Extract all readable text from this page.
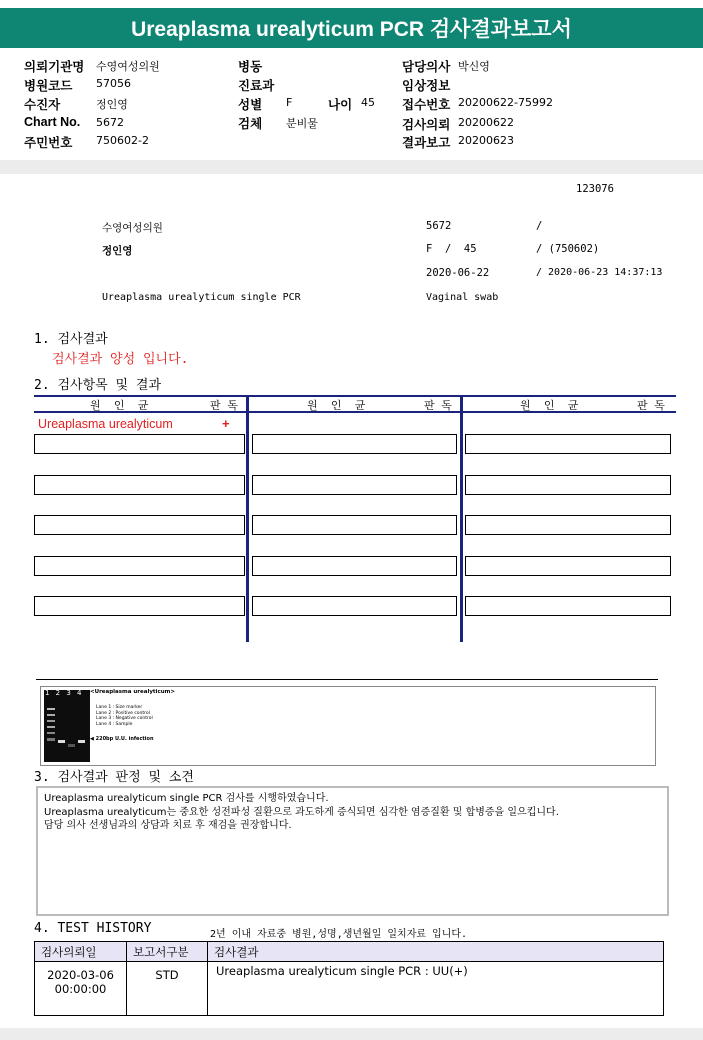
Ureaplasma urealyticum PCR 검사결과보고서
의뢰기관명 수영여성의원
병원코드 57056
수진자	정인영
Chart No. 5672
주민번호 750602-2
병동
진료과
성별 F	나이 45
검체 분비물
담당의사 박신영
임상정보
접수번호 20200622-75992
검사의뢰 20200622
결과보고 20200623
123076
수영여성의원	5672	/
정인영	F  /  45	/ (750602)
2020-06-22	/ 2020-06-23 14:37:13
Ureaplasma urealyticum single PCR	Vaginal swab
1. 검사결과
검사결과 양성 입니다.
2. 검사항목 및 결과
원  인  균	판 독	원  인  균	판 독	원  인  균	판 독
Ureaplasma urealyticum	+
1 2 3 4 <Ureaplasma urealyticum>
Lane 1 : Size marker
Lane 2 : Positive control
Lane 3 : Negative control
Lane 4 : Sample
◀ 220bp U.U. infection
3. 검사결과 판정 및 소견
Ureaplasma urealyticum single PCR 검사를 시행하였습니다.
Ureaplasma urealyticum는 중요한 성전파성 질환으로 과도하게 증식되면 심각한 염증질환 및 합병증을 일으킵니다.
담당 의사 선생님과의 상담과 치료 후 재검을 권장합니다.
4. TEST HISTORY	2년 이내 자료중 병원,성명,생년월일 일치자료 입니다.
검사의뢰일	보고서구분	검사결과

2020-03-06
00:00:00	STD	Ureaplasma urealyticum single PCR : UU(+)
